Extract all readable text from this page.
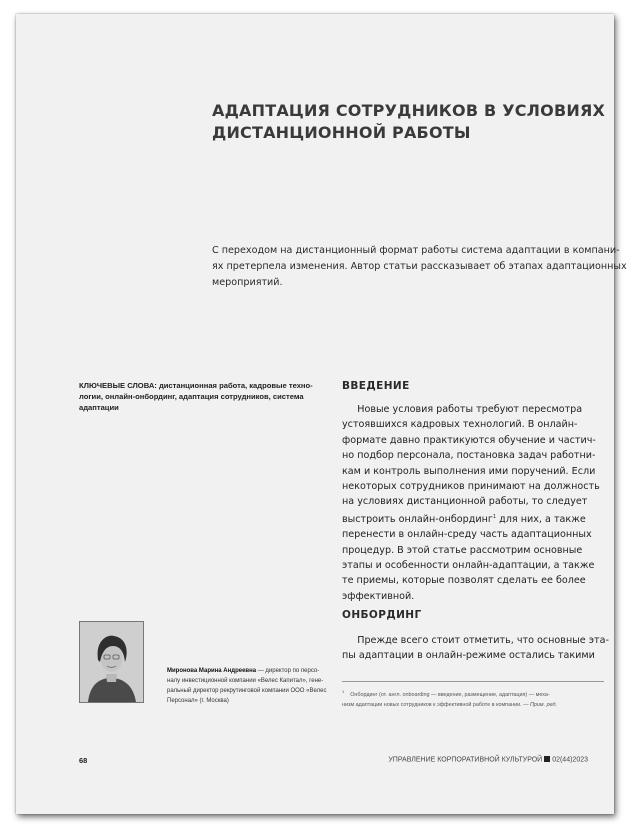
АДАПТАЦИЯ СОТРУДНИКОВ В УСЛОВИЯХ
ДИСТАНЦИОННОЙ РАБОТЫ
С переходом на дистанционный формат работы система адаптации в компани-
ях претерпела изменения. Автор статьи рассказывает об этапах адаптационных
мероприятий.
КЛЮЧЕВЫЕ СЛОВА: дистанционная работа, кадровые техно-
логии, онлайн-онбординг, адаптация сотрудников, система
адаптации
ВВЕДЕНИЕ
Новые условия работы требуют пересмотра
устоявшихся кадровых технологий. В онлайн-
формате давно практикуются обучение и частич-
но подбор персонала, постановка задач работни-
кам и контроль выполнения ими поручений. Если
некоторых сотрудников принимают на должность
на условиях дистанционной работы, то следует
выстроить онлайн-онбординг$^1$ для них, а также
перенести в онлайн-среду часть адаптационных
процедур. В этой статье рассмотрим основные
этапы и особенности онлайн-адаптации, а также
те приемы, которые позволят сделать ее более
эффективной.
ОНБОРДИНГ
Прежде всего стоит отметить, что основные эта-
пы адаптации в онлайн-режиме остались такими
Миронова Марина Андреевна — директор по персо-
налу инвестиционной компании «Велес Капитал», гене-
ральный директор рекрутинговой компании ООО «Велес
Персонал» (г. Москва)
$^1$    Онбординг (от. англ. onboarding — введение, размещение, адаптация) — меха-
низм адаптации новых сотрудников к эффективной работе в компании. — Прим. ред.
68	УПРАВЛЕНИЕ КОРПОРАТИВНОЙ КУЛЬТУРОЙ 02(44)2023
